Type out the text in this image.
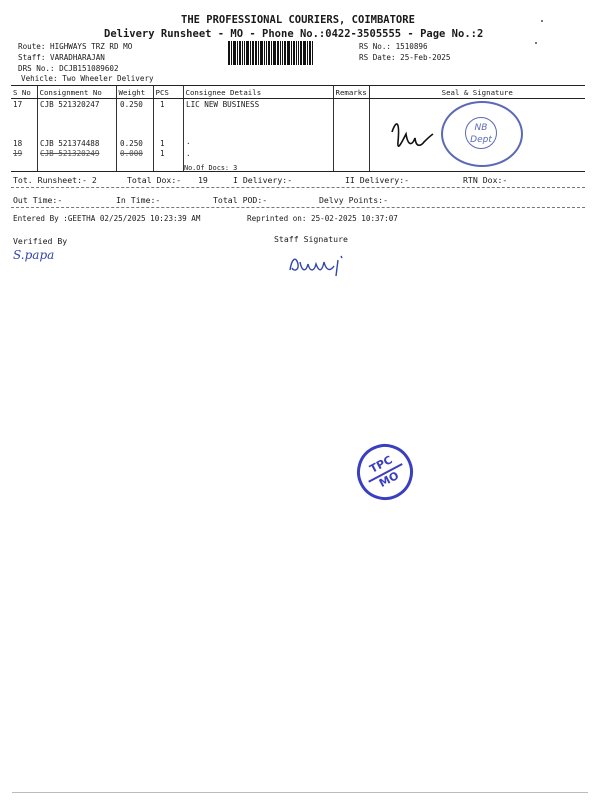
THE PROFESSIONAL COURIERS, COIMBATORE
Delivery Runsheet - MO - Phone No.:0422-3505555 - Page No.:2
Route: HIGHWAYS TRZ RD MO
Staff: VARADHARAJAN
DRS No.: DCJB151089602
Vehicle: Two Wheeler Delivery
RS No.: 1510896
RS Date: 25-Feb-2025
S No	Consignment No	Weight	PCS	Consignee Details	Remarks	Seal & Signature

17 CJB 521320247	0.250 1	LIC NEW BUSINESS
18 CJB 521374488	0.250 1	.
19 CJB 521320249	0.000 1	.
No.Of Docs: 3
NB
Dept
Tot. Runsheet:- 2	Total Dox:- 19	I Delivery:-	II Delivery:-	RTN Dox:-
Out Time:-	In Time:-	Total POD:-	Delvy Points:-
Entered By :GEETHA 02/25/2025 10:23:39 AM	Reprinted on: 25-02-2025 10:37:07
Verified By
S.papa
Staff Signature
TPC
MO
